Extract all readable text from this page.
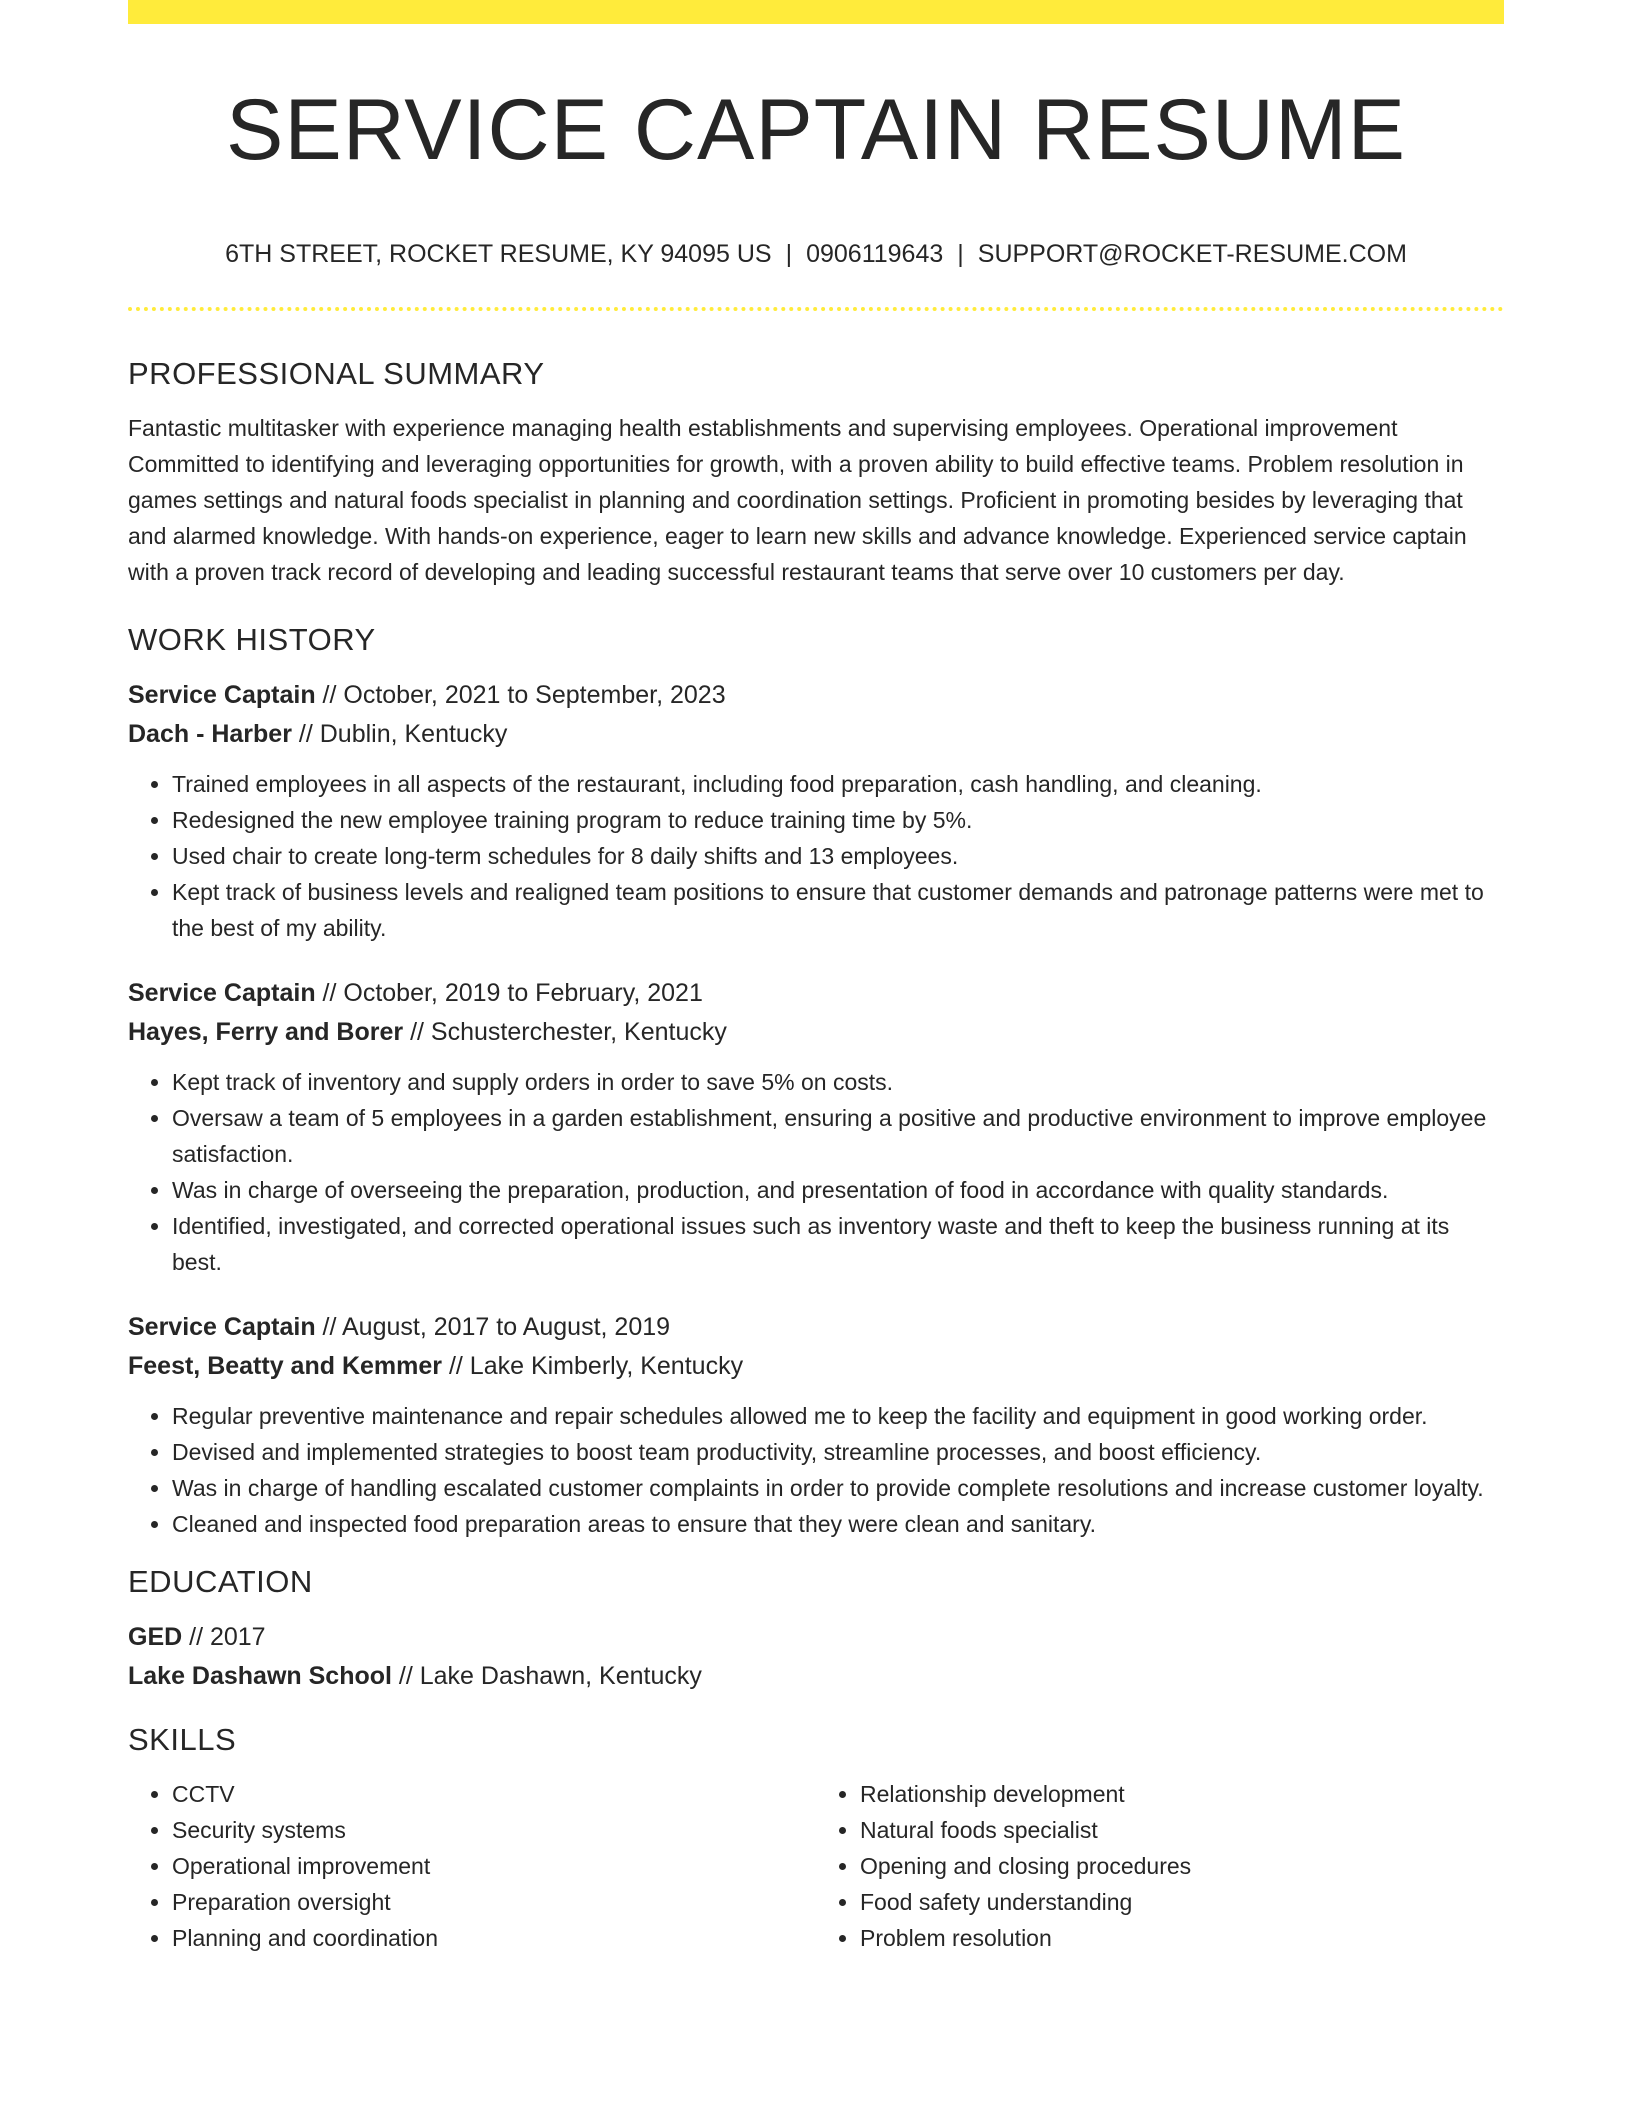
SERVICE CAPTAIN RESUME
6TH STREET, ROCKET RESUME, KY 94095 US | 0906119643 | SUPPORT@ROCKET-RESUME.COM
PROFESSIONAL SUMMARY

Fantastic multitasker with experience managing health establishments and supervising employees. Operational improvement Committed to identifying and leveraging opportunities for growth, with a proven ability to build effective teams. Problem resolution in games settings and natural foods specialist in planning and coordination settings. Proficient in promoting besides by leveraging that and alarmed knowledge. With hands-on experience, eager to learn new skills and advance knowledge. Experienced service captain with a proven track record of developing and leading successful restaurant teams that serve over 10 customers per day.

WORK HISTORY
Service Captain // October, 2021 to September, 2023
Dach - Harber // Dublin, Kentucky
• Trained employees in all aspects of the restaurant, including food preparation, cash handling, and cleaning.
• Redesigned the new employee training program to reduce training time by 5%.
• Used chair to create long-term schedules for 8 daily shifts and 13 employees.
• Kept track of business levels and realigned team positions to ensure that customer demands and patronage patterns were met to the best of my ability.
Service Captain // October, 2019 to February, 2021
Hayes, Ferry and Borer // Schusterchester, Kentucky
• Kept track of inventory and supply orders in order to save 5% on costs.
• Oversaw a team of 5 employees in a garden establishment, ensuring a positive and productive environment to improve employee satisfaction.
• Was in charge of overseeing the preparation, production, and presentation of food in accordance with quality standards.
• Identified, investigated, and corrected operational issues such as inventory waste and theft to keep the business running at its best.
Service Captain // August, 2017 to August, 2019
Feest, Beatty and Kemmer // Lake Kimberly, Kentucky
• Regular preventive maintenance and repair schedules allowed me to keep the facility and equipment in good working order.
• Devised and implemented strategies to boost team productivity, streamline processes, and boost efficiency.
• Was in charge of handling escalated customer complaints in order to provide complete resolutions and increase customer loyalty.
• Cleaned and inspected food preparation areas to ensure that they were clean and sanitary.
EDUCATION
GED // 2017
Lake Dashawn School // Lake Dashawn, Kentucky
SKILLS
• CCTV
• Security systems
• Operational improvement
• Preparation oversight
• Planning and coordination
• Relationship development
• Natural foods specialist
• Opening and closing procedures
• Food safety understanding
• Problem resolution
